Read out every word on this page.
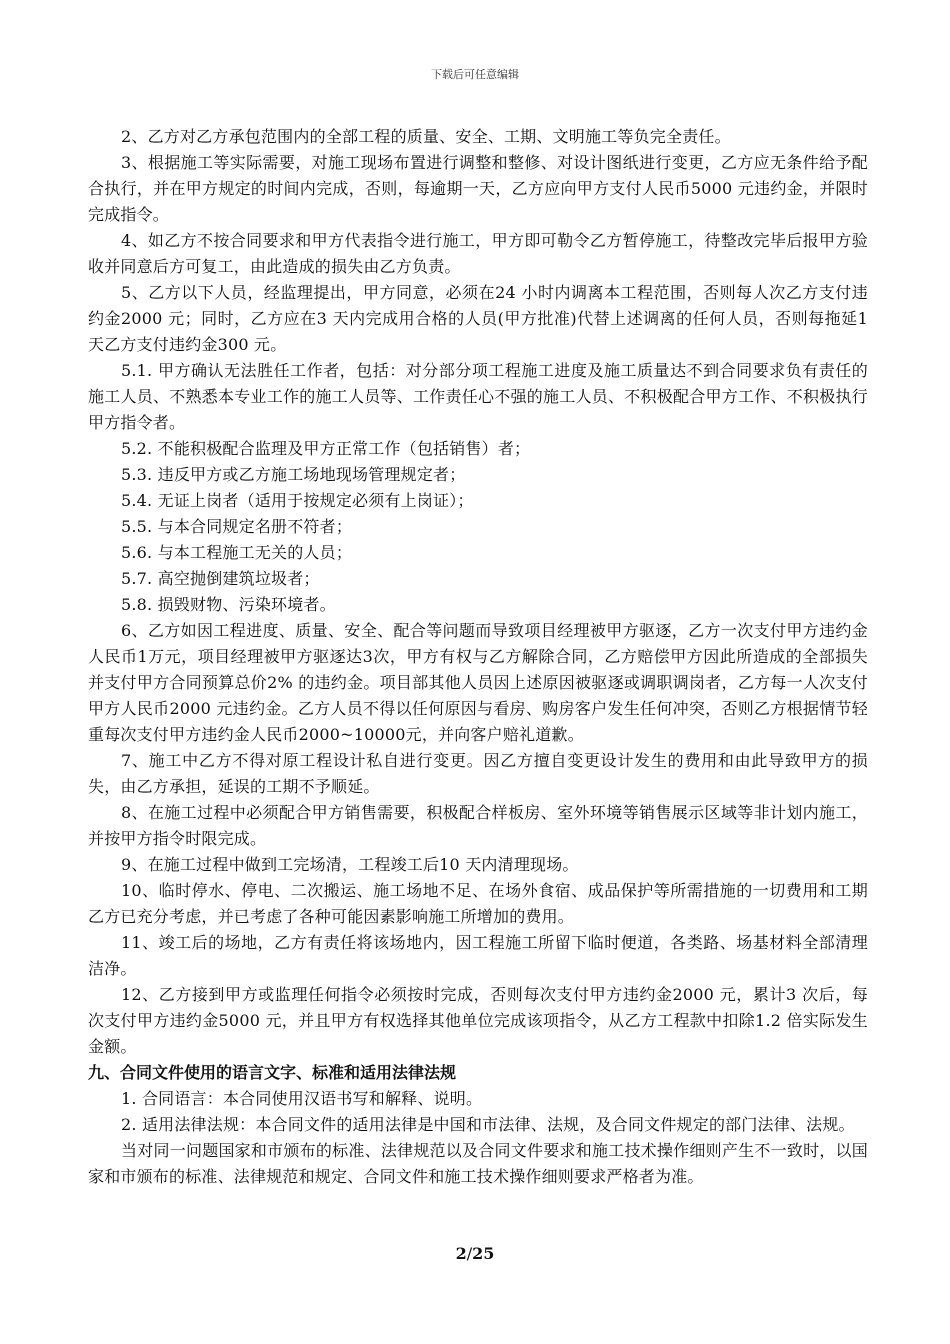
下载后可任意编辑

2、乙方对乙方承包范围内的全部工程的质量、安全、工期、文明施工等负完全责任。

3、根据施工等实际需要，对施工现场布置进行调整和整修、对设计图纸进行变更，乙方应无条件给予配合执行，并在甲方规定的时间内完成，否则，每逾期一天，乙方应向甲方支付人民币5000 元违约金，并限时完成指令。

4、如乙方不按合同要求和甲方代表指令进行施工，甲方即可勒令乙方暂停施工，待整改完毕后报甲方验收并同意后方可复工，由此造成的损失由乙方负责。

5、乙方以下人员，经监理提出，甲方同意，必须在24 小时内调离本工程范围，否则每人次乙方支付违约金2000 元；同时，乙方应在3 天内完成用合格的人员(甲方批准)代替上述调离的任何人员，否则每拖延1 天乙方支付违约金300 元。

5.1. 甲方确认无法胜任工作者，包括：对分部分项工程施工进度及施工质量达不到合同要求负有责任的施工人员、不熟悉本专业工作的施工人员等、工作责任心不强的施工人员、不积极配合甲方工作、不积极执行甲方指令者。

5.2. 不能积极配合监理及甲方正常工作（包括销售）者；

5.3. 违反甲方或乙方施工场地现场管理规定者；

5.4. 无证上岗者（适用于按规定必须有上岗证）；

5.5. 与本合同规定名册不符者；

5.6. 与本工程施工无关的人员；

5.7. 高空抛倒建筑垃圾者；

5.8. 损毁财物、污染环境者。

6、乙方如因工程进度、质量、安全、配合等问题而导致项目经理被甲方驱逐，乙方一次支付甲方违约金人民币1万元，项目经理被甲方驱逐达3次，甲方有权与乙方解除合同，乙方赔偿甲方因此所造成的全部损失并支付甲方合同预算总价2% 的违约金。项目部其他人员因上述原因被驱逐或调职调岗者，乙方每一人次支付甲方人民币2000 元违约金。乙方人员不得以任何原因与看房、购房客户发生任何冲突，否则乙方根据情节轻重每次支付甲方违约金人民币2000~10000元，并向客户赔礼道歉。

7、施工中乙方不得对原工程设计私自进行变更。因乙方擅自变更设计发生的费用和由此导致甲方的损失，由乙方承担，延误的工期不予顺延。

8、在施工过程中必须配合甲方销售需要，积极配合样板房、室外环境等销售展示区域等非计划内施工，并按甲方指令时限完成。

9、在施工过程中做到工完场清，工程竣工后10 天内清理现场。

10、临时停水、停电、二次搬运、施工场地不足、在场外食宿、成品保护等所需措施的一切费用和工期乙方已充分考虑，并已考虑了各种可能因素影响施工所增加的费用。

11、竣工后的场地，乙方有责任将该场地内，因工程施工所留下临时便道，各类路、场基材料全部清理洁净。

12、乙方接到甲方或监理任何指令必须按时完成，否则每次支付甲方违约金2000 元，累计3 次后，每次支付甲方违约金5000 元，并且甲方有权选择其他单位完成该项指令，从乙方工程款中扣除1.2 倍实际发生金额。

九、合同文件使用的语言文字、标准和适用法律法规

1. 合同语言：本合同使用汉语书写和解释、说明。

2. 适用法律法规：本合同文件的适用法律是中国和市法律、法规，及合同文件规定的部门法律、法规。

当对同一问题国家和市颁布的标准、法律规范以及合同文件要求和施工技术操作细则产生不一致时，以国家和市颁布的标准、法律规范和规定、合同文件和施工技术操作细则要求严格者为准。

2/25
